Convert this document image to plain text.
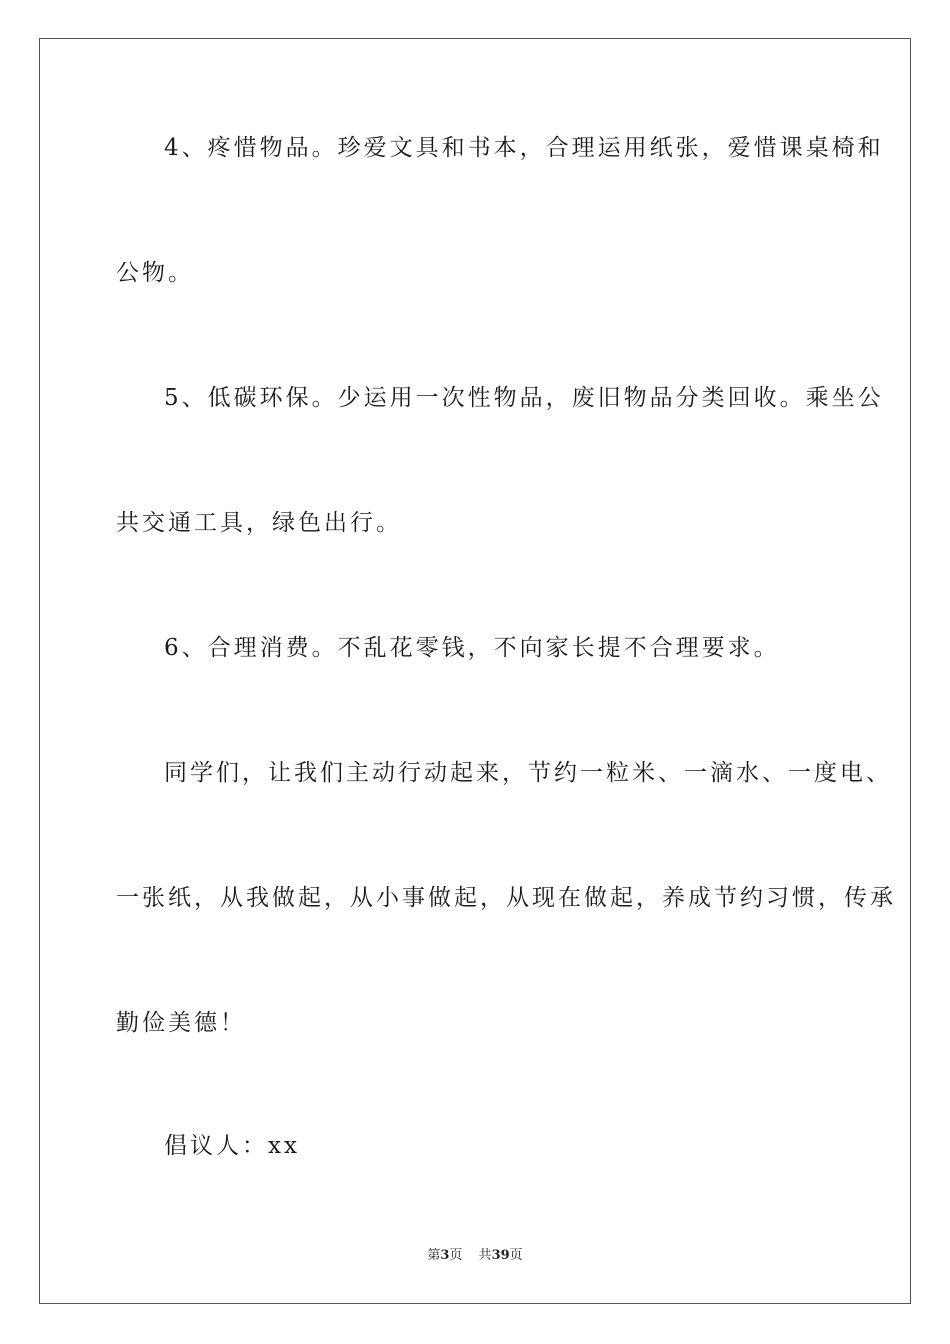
4、疼惜物品。珍爱文具和书本，合理运用纸张，爱惜课桌椅和
公物。
5、低碳环保。少运用一次性物品，废旧物品分类回收。乘坐公
共交通工具，绿色出行。
6、合理消费。不乱花零钱，不向家长提不合理要求。
同学们，让我们主动行动起来，节约一粒米、一滴水、一度电、
一张纸，从我做起，从小事做起，从现在做起，养成节约习惯，传承
勤俭美德！
倡议人：xx
第3页 共39页
